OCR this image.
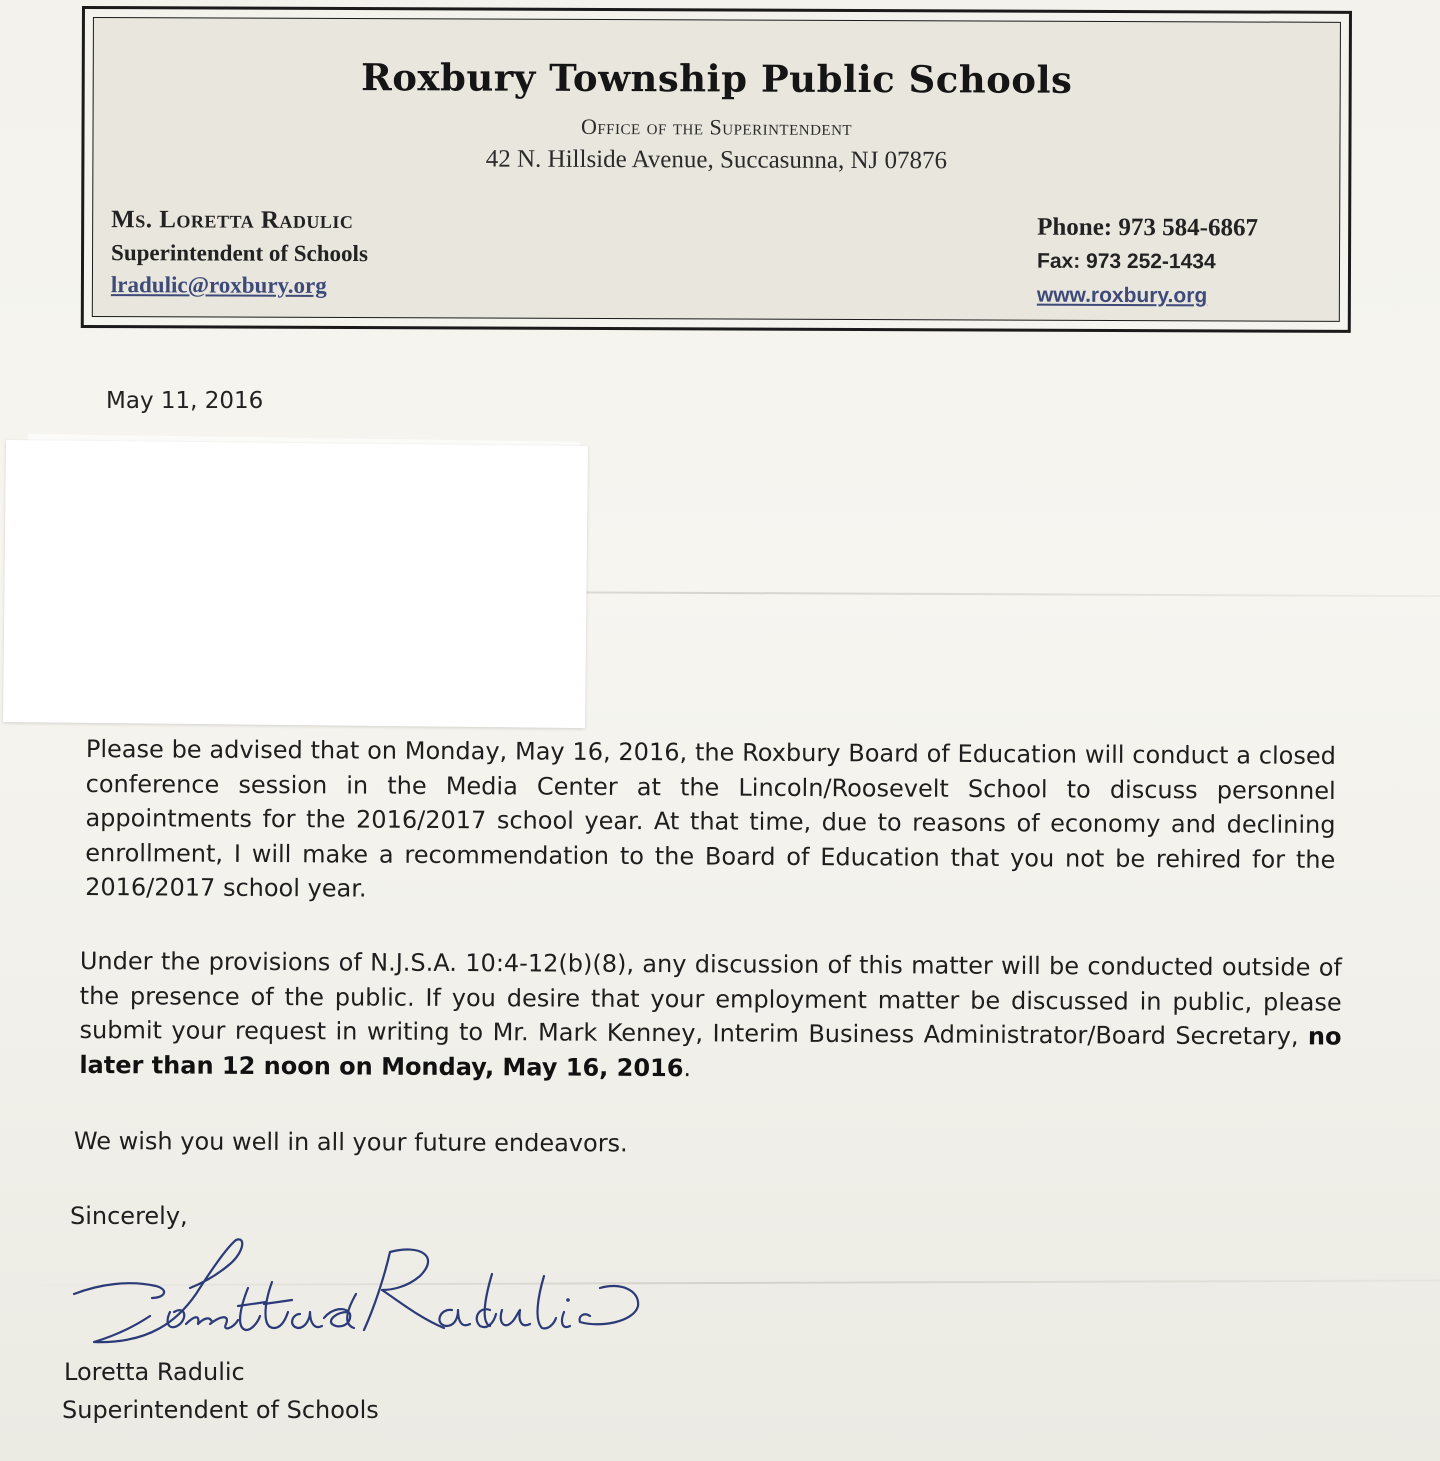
Roxbury Township Public Schools
Office of the Superintendent
42 N. Hillside Avenue, Succasunna, NJ 07876
Ms. Loretta Radulic
Superintendent of Schools
lradulic@roxbury.org
Phone: 973 584-6867
Fax: 973 252-1434
www.roxbury.org
May 11, 2016
Please be advised that on Monday, May 16, 2016, the Roxbury Board of Education will conduct a closed conference session in the Media Center at the Lincoln/Roosevelt School to discuss personnel appointments for the 2016/2017 school year. At that time, due to reasons of economy and declining enrollment, I will make a recommendation to the Board of Education that you not be rehired for the 2016/2017 school year.
Under the provisions of N.J.S.A. 10:4-12(b)(8), any discussion of this matter will be conducted outside of the presence of the public. If you desire that your employment matter be discussed in public, please submit your request in writing to Mr. Mark Kenney, Interim Business Administrator/Board Secretary, no later than 12 noon on Monday, May 16, 2016.
We wish you well in all your future endeavors.
Sincerely,
Loretta Radulic
Superintendent of Schools
